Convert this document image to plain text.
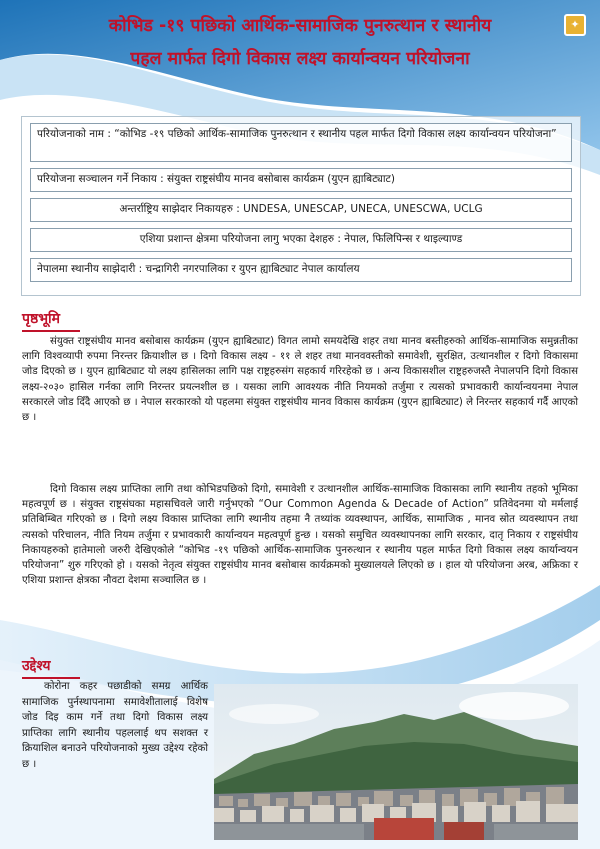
कोभिड -१९ पछिको आर्थिक-सामाजिक पुनरुत्थान र स्थानीय
पहल मार्फत दिगो विकास लक्ष्य कार्यान्वयन परियोजना
✦
परियोजनाको नाम : “कोभिड -१९ पछिको आर्थिक-सामाजिक पुनरुत्थान र स्थानीय पहल मार्फत दिगो विकास लक्ष्य कार्यान्वयन परियोजना”
परियोजना सञ्चालन गर्ने निकाय : संयुक्त राष्ट्रसंघीय मानव बसोबास कार्यक्रम (युएन ह्याबिट्याट)
अन्तर्राष्ट्रिय साझेदार निकायहरु : UNDESA, UNESCAP, UNECA, UNESCWA, UCLG
एशिया प्रशान्त क्षेत्रमा परियोजना लागु भएका देशहरु : नेपाल, फिलिपिन्स र थाइल्याण्ड
नेपालमा स्थानीय साझेदारी : चन्द्रागिरी नगरपालिका र युएन ह्याबिट्याट नेपाल कार्यालय
पृष्ठभूमि

संयुक्त राष्ट्रसंघीय मानव बसोबास कार्यक्रम (युएन ह्याबिट्याट) विगत लामो समयदेखि शहर तथा मानव बस्तीहरुको आर्थिक-सामाजिक समुन्नतीका लागि विश्वव्यापी रुपमा निरन्तर क्रियाशील छ । दिगो विकास लक्ष्य - ११ ले शहर तथा मानववस्तीको समावेशी, सुरक्षित, उत्थानशील र दिगो विकासमा जोड दिएको छ । युएन ह्याबिट्याट यो लक्ष्य हासिलका लागि पक्ष राष्ट्रहरुसंग सहकार्य गरिरहेको छ । अन्य विकासशील राष्ट्रहरुजस्तै नेपालपनि दिगो विकास लक्ष्य-२०३० हासिल गर्नका लागि निरन्तर प्रयत्नशील छ । यसका लागि आवश्यक नीति नियमको तर्जुमा र त्यसको प्रभावकारी कार्यान्वयनमा नेपाल सरकारले जोड दिँदै आएको छ । नेपाल सरकारको यो पहलमा संयुक्त राष्ट्रसंघीय मानव विकास कार्यक्रम (युएन ह्याबिट्याट) ले निरन्तर सहकार्य गर्दै आएको छ ।

दिगो विकास लक्ष्य प्राप्तिका लागि तथा कोभिडपछिको दिगो, समावेशी र उत्थानशील आर्थिक-सामाजिक विकासका लागि स्थानीय तहको भूमिका महत्वपूर्ण छ । संयुक्त राष्ट्रसंघका महासचिवले जारी गर्नुभएको “Our Common Agenda & Decade of Action” प्रतिवेदनमा यो मर्मलाई प्रतिबिम्बित गरिएको छ । दिगो लक्ष्य विकास प्राप्तिका लागि स्थानीय तहमा नै तथ्यांक व्यवस्थापन, आर्थिक, सामाजिक , मानव स्रोत व्यवस्थापन तथा त्यसको परिचालन, नीति नियम तर्जुमा र प्रभावकारी कार्यान्वयन महत्वपूर्ण हुन्छ । यसको समुचित व्यवस्थापनका लागि सरकार, दातृ निकाय र राष्ट्रसंघीय निकायहरुको हातेमालो जरुरी देखिएकोले “कोभिड -१९ पछिको आर्थिक-सामाजिक पुनरुत्थान र स्थानीय पहल मार्फत दिगो विकास लक्ष्य कार्यान्वयन परियोजना” शुरु गरिएको हो । यसको नेतृत्व संयुक्त राष्ट्रसंघीय मानव बसोबास कार्यक्रमको मुख्यालयले लिएको छ । हाल यो परियोजना अरब, अफ्रिका र एशिया प्रशान्त क्षेत्रका नौवटा देशमा सञ्चालित छ ।

उद्देश्य

कोरोना कहर पछाडीको समग्र आर्थिक सामाजिक पुर्नस्थापनामा समावेशीतालाई विशेष जोड दिइ काम गर्ने तथा दिगो विकास लक्ष्य प्राप्तिका लागि स्थानीय पहललाई थप सशक्त र क्रियाशिल बनाउने परियोजनाको मुख्य उद्देश्य रहेको छ ।
